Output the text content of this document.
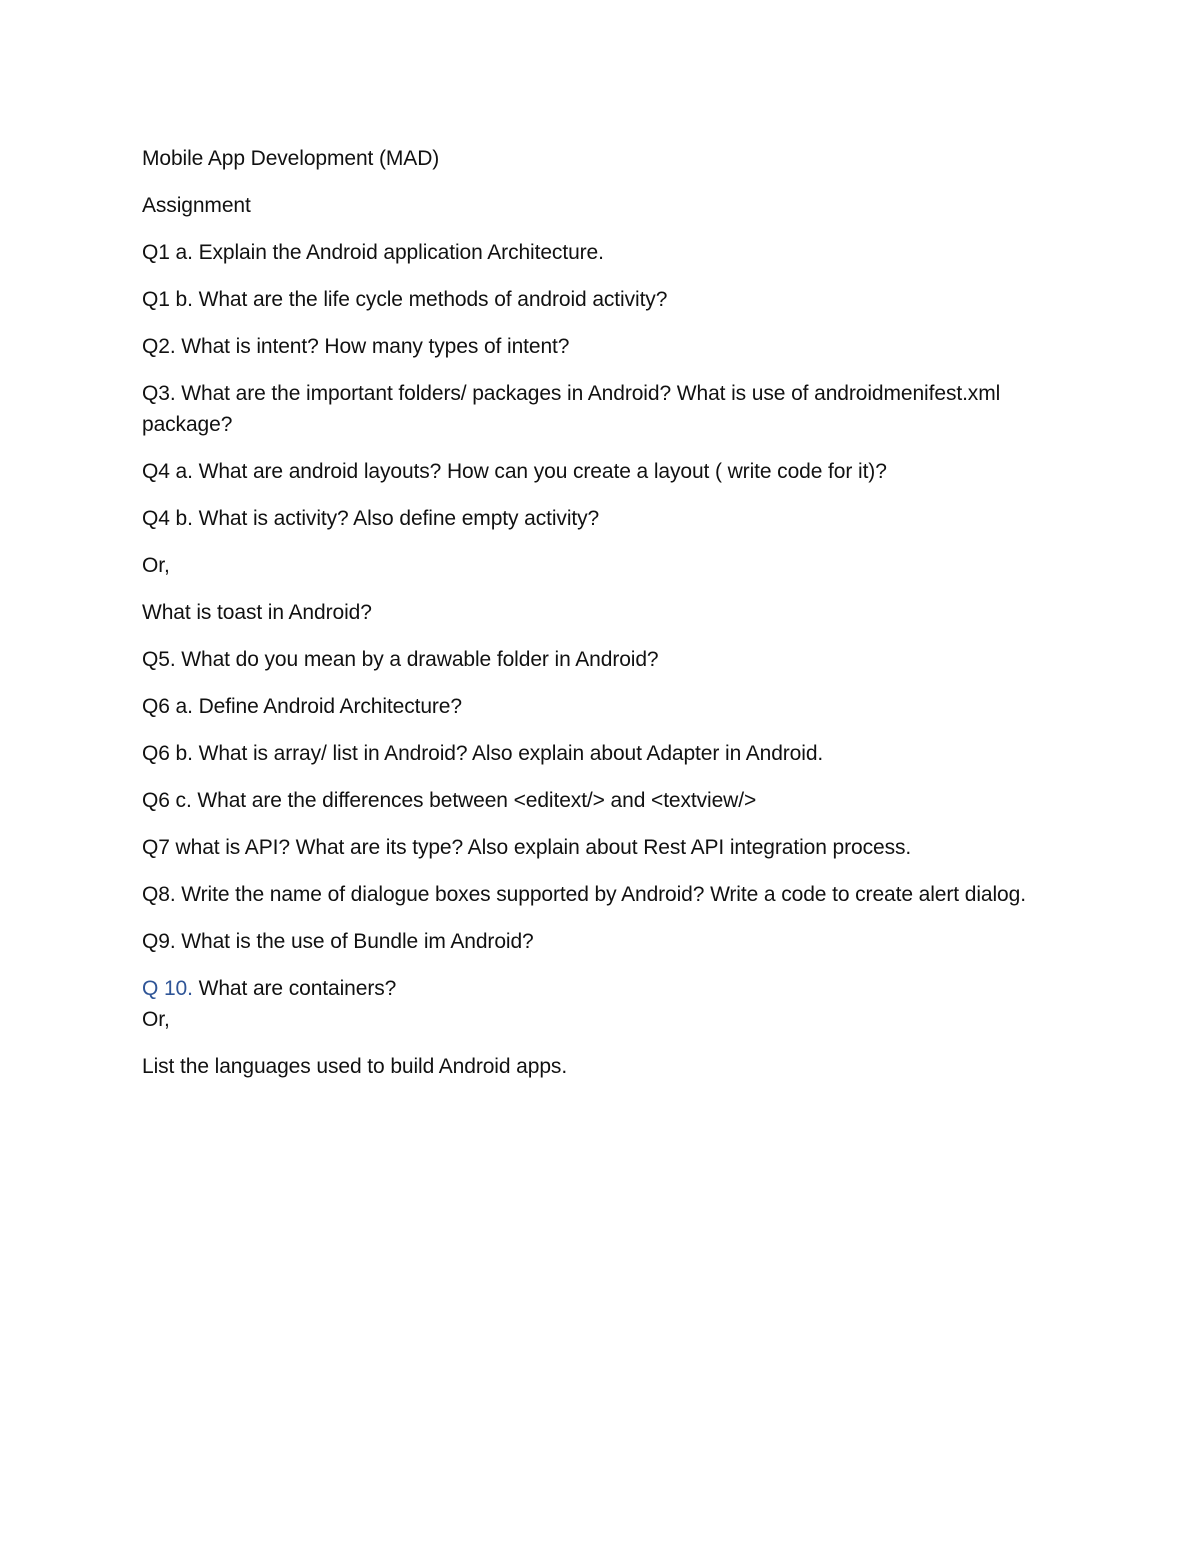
Mobile App Development (MAD)

Assignment

Q1 a. Explain the Android application Architecture.

Q1 b. What are the life cycle methods of android activity?

Q2. What is intent? How many types of intent?

Q3. What are the important folders/ packages in Android? What is use of androidmenifest.xml package?

Q4 a. What are android layouts? How can you create a layout ( write code for it)?

Q4 b. What is activity? Also define empty activity?

Or,

What is toast in Android?

Q5. What do you mean by a drawable folder in Android?

Q6 a. Define Android Architecture?

Q6 b. What is array/ list in Android? Also explain about Adapter in Android.

Q6 c. What are the differences between <editext/> and <textview/>

Q7 what is API? What are its type? Also explain about Rest API integration process.

Q8. Write the name of dialogue boxes supported by Android? Write a code to create alert dialog.

Q9. What is the use of Bundle im Android?

Q 10. What are containers?

Or,

List the languages used to build Android apps.
